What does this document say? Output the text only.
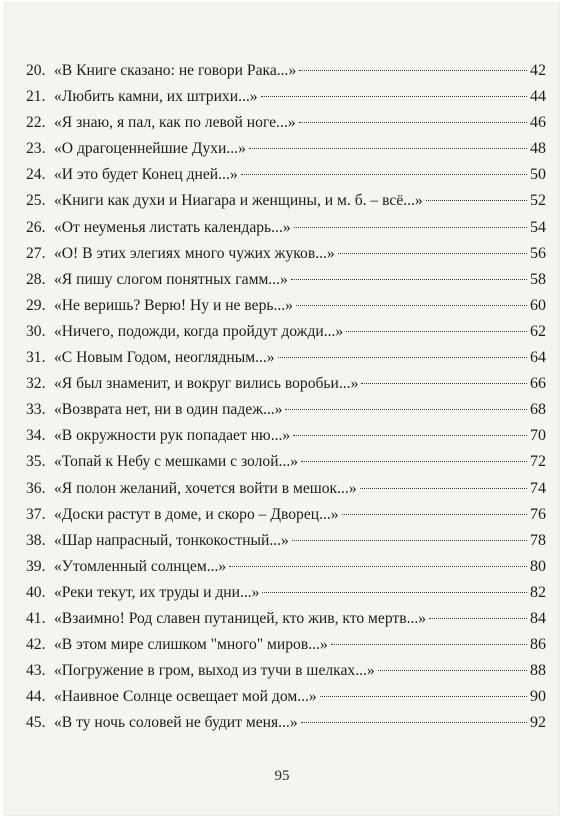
20. «В Книге сказано: не говори Рака...»	42
21. «Любить камни, их штрихи...»	44
22. «Я знаю, я пал, как по левой ноге...»	46
23. «О драгоценнейшие Духи...»	48
24. «И это будет Конец дней...»	50
25. «Книги как духи и Ниагара и женщины, и м. б. – всё...»	52
26. «От неуменья листать календарь...»	54
27. «О! В этих элегиях много чужих жуков...»	56
28. «Я пишу слогом понятных гамм...»	58
29. «Не веришь? Верю! Ну и не верь...»	60
30. «Ничего, подожди, когда пройдут дожди...»	62
31. «С Новым Годом, неоглядным...»	64
32. «Я был знаменит, и вокруг вились воробьи...»	66
33. «Возврата нет, ни в один падеж...»	68
34. «В окружности рук попадает ню...»	70
35. «Топай к Небу с мешками с золой...»	72
36. «Я полон желаний, хочется войти в мешок...»	74
37. «Доски растут в доме, и скоро – Дворец...»	76
38. «Шар напрасный, тонкокостный...»	78
39. «Утомленный солнцем...»	80
40. «Реки текут, их труды и дни...»	82
41. «Взаимно! Род славен путаницей, кто жив, кто мертв...»	84
42. «В этом мире слишком "много" миров...»	86
43. «Погружение в гром, выход из тучи в шелках...»	88
44. «Наивное Солнце освещает мой дом...»	90
45. «В ту ночь соловей не будит меня...»	92
95
